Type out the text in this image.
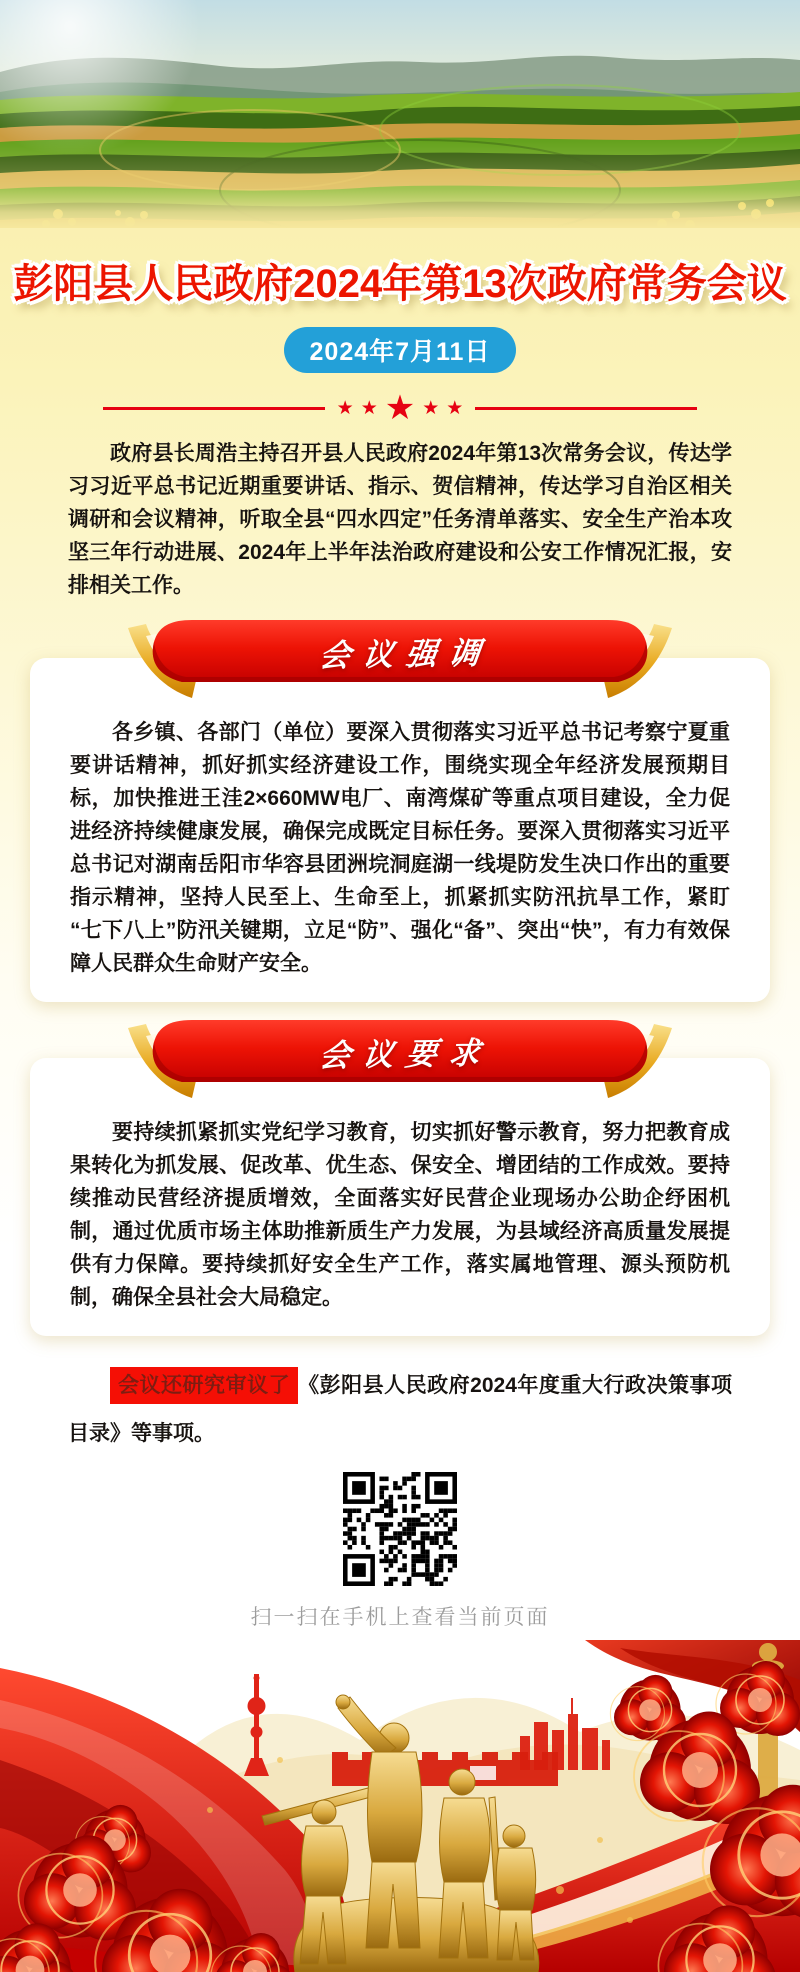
彭阳县人民政府2024年第13次政府常务会议
2024年7月11日
★ ★ ★ ★ ★

政府县长周浩主持召开县人民政府2024年第13次常务会议，传达学习习近平总书记近期重要讲话、指示、贺信精神，传达学习自治区相关调研和会议精神，听取全县“四水四定”任务清单落实、安全生产治本攻坚三年行动进展、2024年上半年法治政府建设和公安工作情况汇报，安排相关工作。

会议强调

各乡镇、各部门（单位）要深入贯彻落实习近平总书记考察宁夏重要讲话精神，抓好抓实经济建设工作，围绕实现全年经济发展预期目标，加快推进王洼2×660MW电厂、南湾煤矿等重点项目建设，全力促进经济持续健康发展，确保完成既定目标任务。要深入贯彻落实习近平总书记对湖南岳阳市华容县团洲垸洞庭湖一线堤防发生决口作出的重要指示精神，坚持人民至上、生命至上，抓紧抓实防汛抗旱工作，紧盯“七下八上”防汛关键期，立足“防”、强化“备”、突出“快”，有力有效保障人民群众生命财产安全。

会议要求

要持续抓紧抓实党纪学习教育，切实抓好警示教育，努力把教育成果转化为抓发展、促改革、优生态、保安全、增团结的工作成效。要持续推动民营经济提质增效，全面落实好民营企业现场办公助企纾困机制，通过优质市场主体助推新质生产力发展，为县域经济高质量发展提供有力保障。要持续抓好安全生产工作，落实属地管理、源头预防机制，确保全县社会大局稳定。

会议还研究审议了 《彭阳县人民政府2024年度重大行政决策事项目录》等事项。

扫一扫在手机上查看当前页面
